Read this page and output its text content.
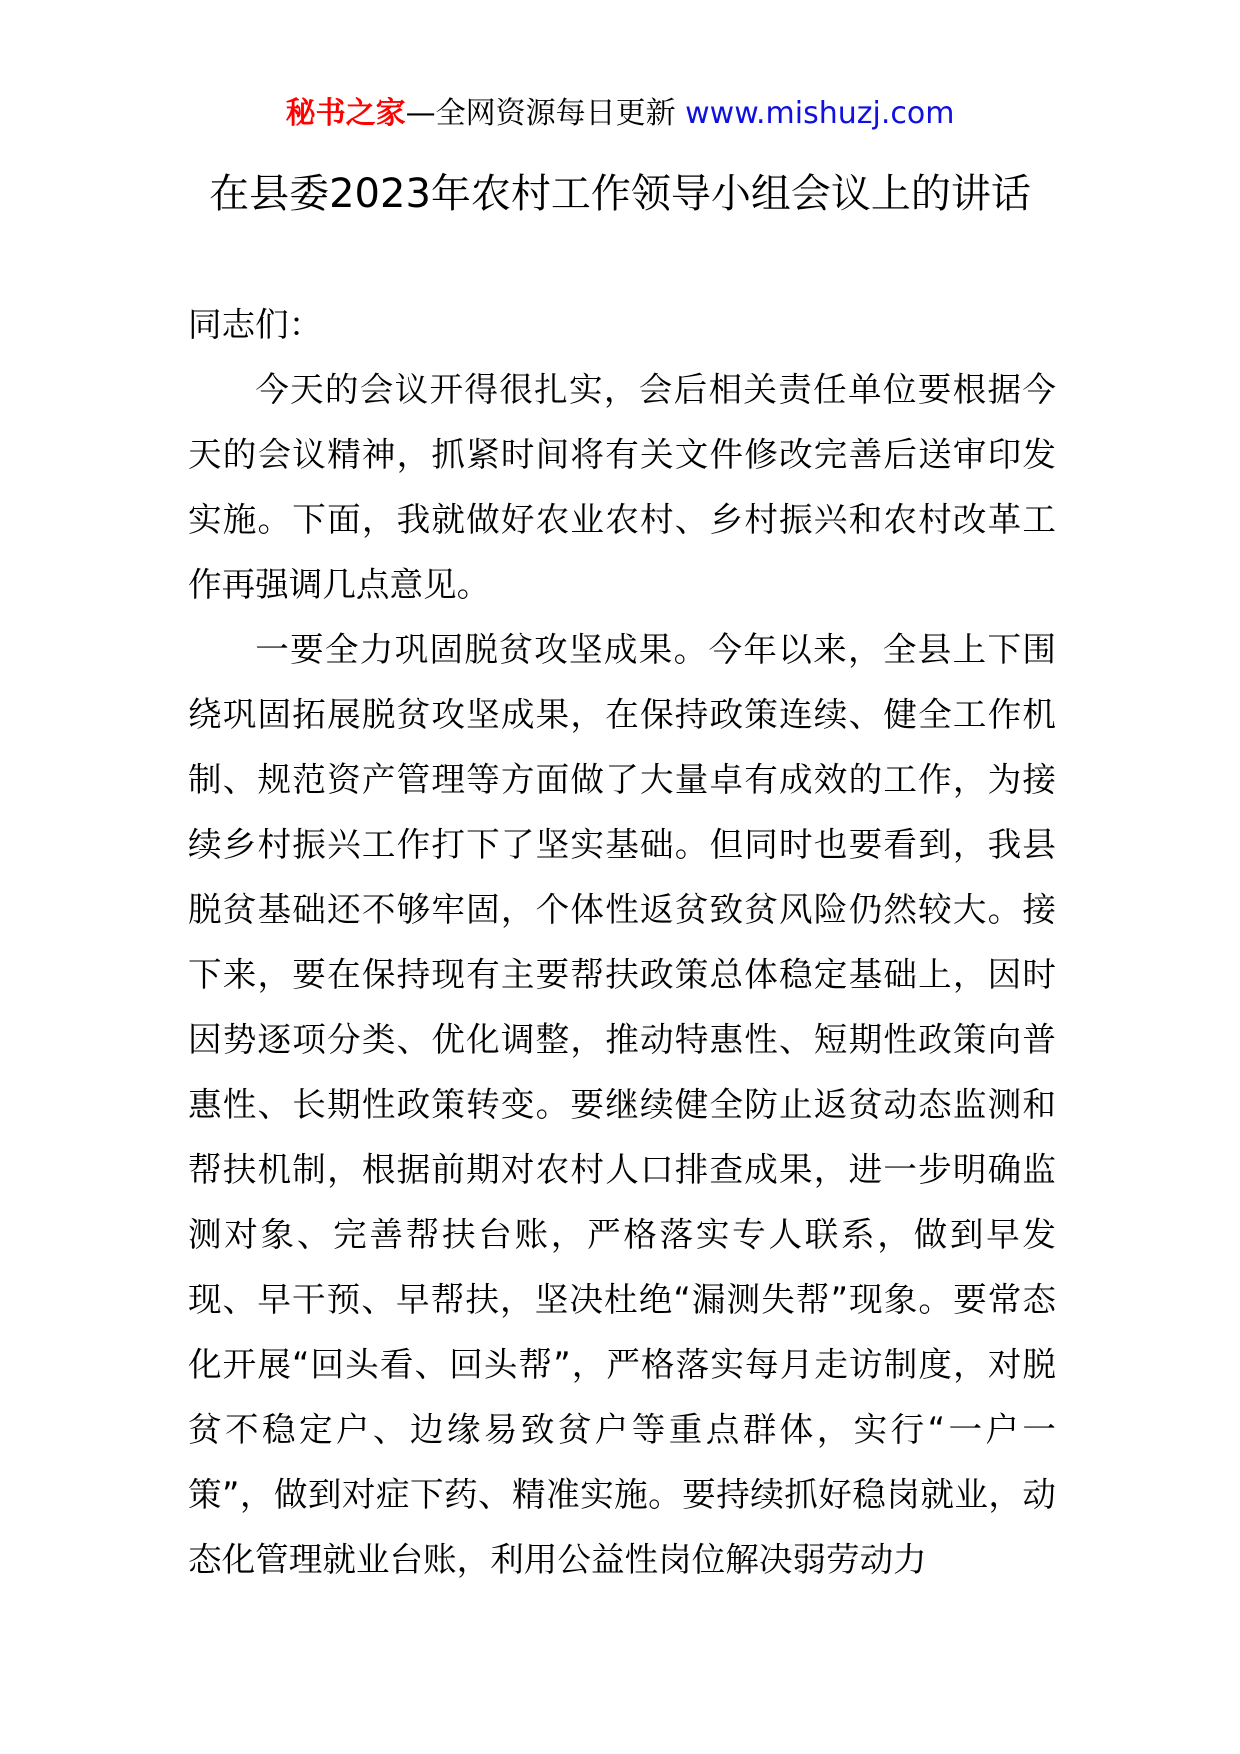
秘书之家—全网资源每日更新 www.mishuzj.com
在县委2023年农村工作领导小组会议上的讲话

同志们：

今天的会议开得很扎实，会后相关责任单位要根据今天的会议精神，抓紧时间将有关文件修改完善后送审印发实施。下面，我就做好农业农村、乡村振兴和农村改革工作再强调几点意见。

一要全力巩固脱贫攻坚成果。今年以来，全县上下围绕巩固拓展脱贫攻坚成果，在保持政策连续、健全工作机制、规范资产管理等方面做了大量卓有成效的工作，为接续乡村振兴工作打下了坚实基础。但同时也要看到，我县脱贫基础还不够牢固，个体性返贫致贫风险仍然较大。接下来，要在保持现有主要帮扶政策总体稳定基础上，因时因势逐项分类、优化调整，推动特惠性、短期性政策向普惠性、长期性政策转变。要继续健全防止返贫动态监测和帮扶机制，根据前期对农村人口排查成果，进一步明确监测对象、完善帮扶台账，严格落实专人联系，做到早发现、早干预、早帮扶，坚决杜绝“漏测失帮”现象。要常态化开展“回头看、回头帮”，严格落实每月走访制度，对脱贫不稳定户、边缘易致贫户等重点群体，实行“一户一策”，做到对症下药、精准实施。要持续抓好稳岗就业，动态化管理就业台账，利用公益性岗位解决弱劳动力
